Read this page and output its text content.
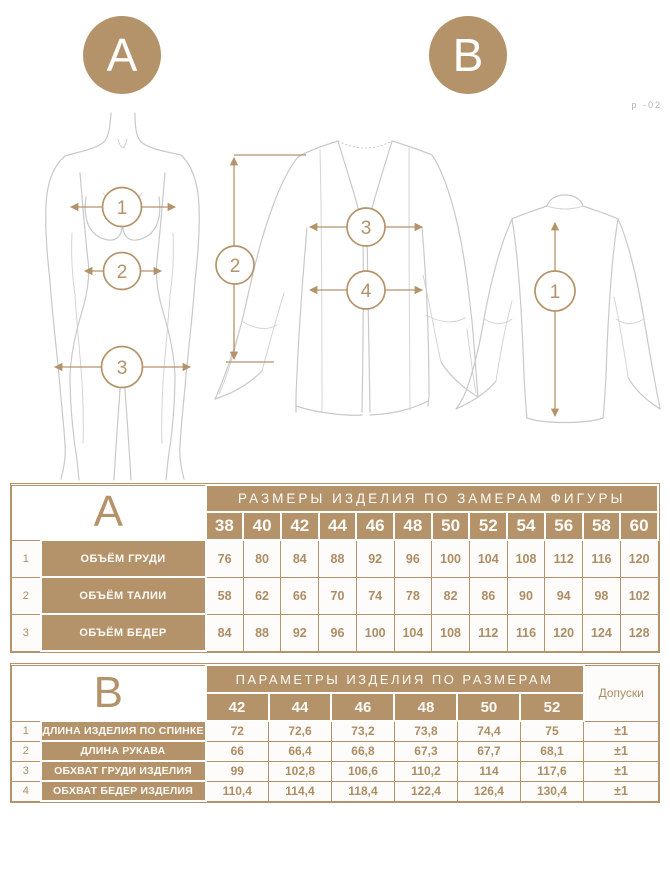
А	В
р -02
1
2
3
2
3
4	1
А		РАЗМЕРЫ ИЗДЕЛИЯ ПО ЗАМЕРАМ ФИГУРЫ											
		38	40	42	44	46	48	50	52	54	56	58	60
1	ОБЪЁМ ГРУДИ	76	80	84	88	92	96	100	104	108	112	116	120
2	ОБЪЁМ ТАЛИИ	58	62	66	70	74	78	82	86	90	94	98	102
3	ОБЪЁМ БЕДЕР	84	88	92	96	100	104	108	112	116	120	124	128
В		ПАРАМЕТРЫ ИЗДЕЛИЯ ПО РАЗМЕРАМ						Допуски
		42	44	46	48	50	52	
1	ДЛИНА ИЗДЕЛИЯ ПО СПИНКЕ	72	72,6	73,2	73,8	74,4	75	±1
2	ДЛИНА РУКАВА	66	66,4	66,8	67,3	67,7	68,1	±1
3	ОБХВАТ ГРУДИ ИЗДЕЛИЯ	99	102,8	106,6	110,2	114	117,6	±1
4	ОБХВАТ БЕДЕР ИЗДЕЛИЯ	110,4	114,4	118,4	122,4	126,4	130,4	±1
